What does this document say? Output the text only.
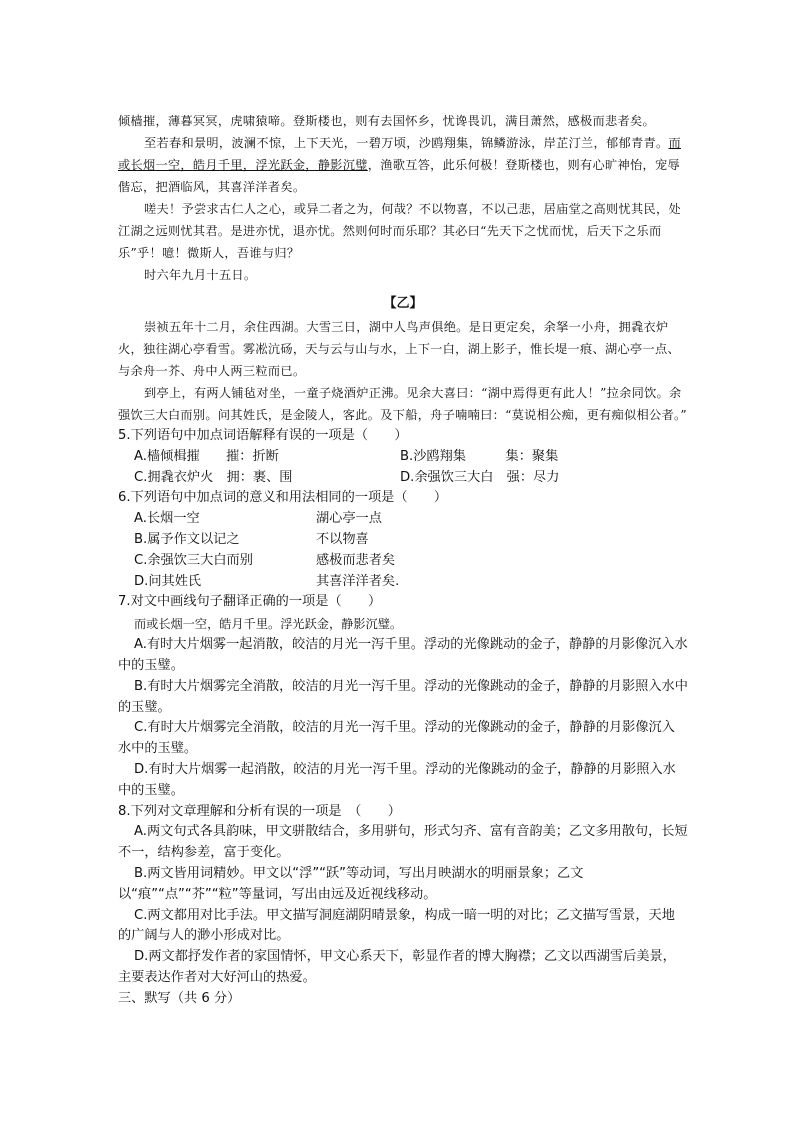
倾樯摧，薄暮冥冥，虎啸猿啼。登斯楼也，则有去国怀乡，忧谗畏讥，满目萧然，感极而悲者矣。

至若春和景明，波澜不惊，上下天光，一碧万顷，沙鸥翔集，锦鳞游泳，岸芷汀兰，郁郁青青。而或长烟一空，皓月千里，浮光跃金，静影沉璧，渔歌互答，此乐何极！登斯楼也，则有心旷神怡，宠辱偕忘，把酒临风，其喜洋洋者矣。

嗟夫！予尝求古仁人之心，或异二者之为，何哉？不以物喜，不以己悲，居庙堂之高则忧其民，处江湖之远则忧其君。是进亦忧，退亦忧。然则何时而乐耶？其必曰“先天下之忧而忧，后天下之乐而乐”乎！噫！微斯人，吾谁与归？

时六年九月十五日。

【乙】

崇祯五年十二月，余住西湖。大雪三日，湖中人鸟声俱绝。是日更定矣，余拏一小舟，拥毳衣炉火，独往湖心亭看雪。雾凇沆砀，天与云与山与水，上下一白，湖上影子，惟长堤一痕、湖心亭一点、与余舟一芥、舟中人两三粒而已。

到亭上，有两人铺毡对坐，一童子烧酒炉正沸。见余大喜曰：“湖中焉得更有此人！”拉余同饮。余强饮三大白而别。问其姓氏，是金陵人，客此。及下船，舟子喃喃曰：“莫说相公痴，更有痴似相公者。”

5.下列语句中加点词语解释有误的一项是（　　）

A.樯倾楫摧　　摧：折断	B.沙鸥翔集　　　集：聚集
C.拥毳衣炉火　拥：裹、围	D.余强饮三大白　强：尽力

6.下列语句中加点词的意义和用法相同的一项是（　　）

A.长烟一空	湖心亭一点
B.属予作文以记之	不以物喜
C.余强饮三大白而别	感极而悲者矣
D.问其姓氏	其喜洋洋者矣.

7.对文中画线句子翻译正确的一项是（　　）

而或长烟一空，皓月千里。浮光跃金，静影沉璧。

A.有时大片烟雾一起消散，皎洁的月光一泻千里。浮动的光像跳动的金子，静静的月影像沉入水中的玉璧。

B.有时大片烟雾完全消散，皎洁的月光一泻千里。浮动的光像跳动的金子，静静的月影照入水中的玉璧。

C.有时大片烟雾完全消散，皎洁的月光一泻千里。浮动的光像跳动的金子，静静的月影像沉入水中的玉璧。

D.有时大片烟雾一起消散，皎洁的月光一泻千里。浮动的光像跳动的金子，静静的月影照入水中的玉璧。

8.下列对文章理解和分析有误的一项是　（　　）

A.两文句式各具韵味，甲文骈散结合，多用骈句，形式匀齐、富有音韵美；乙文多用散句，长短不一，结构参差，富于变化。

B.两文皆用词精妙。甲文以“浮”“跃”等动词，写出月映湖水的明丽景象；乙文以“痕”“点”“芥”“粒”等量词，写出由远及近视线移动。

C.两文都用对比手法。甲文描写洞庭湖阴晴景象，构成一暗一明的对比；乙文描写雪景，天地的广阔与人的渺小形成对比。

D.两文都抒发作者的家国情怀，甲文心系天下，彰显作者的博大胸襟；乙文以西湖雪后美景，主要表达作者对大好河山的热爱。

三、默写（共 6 分）
